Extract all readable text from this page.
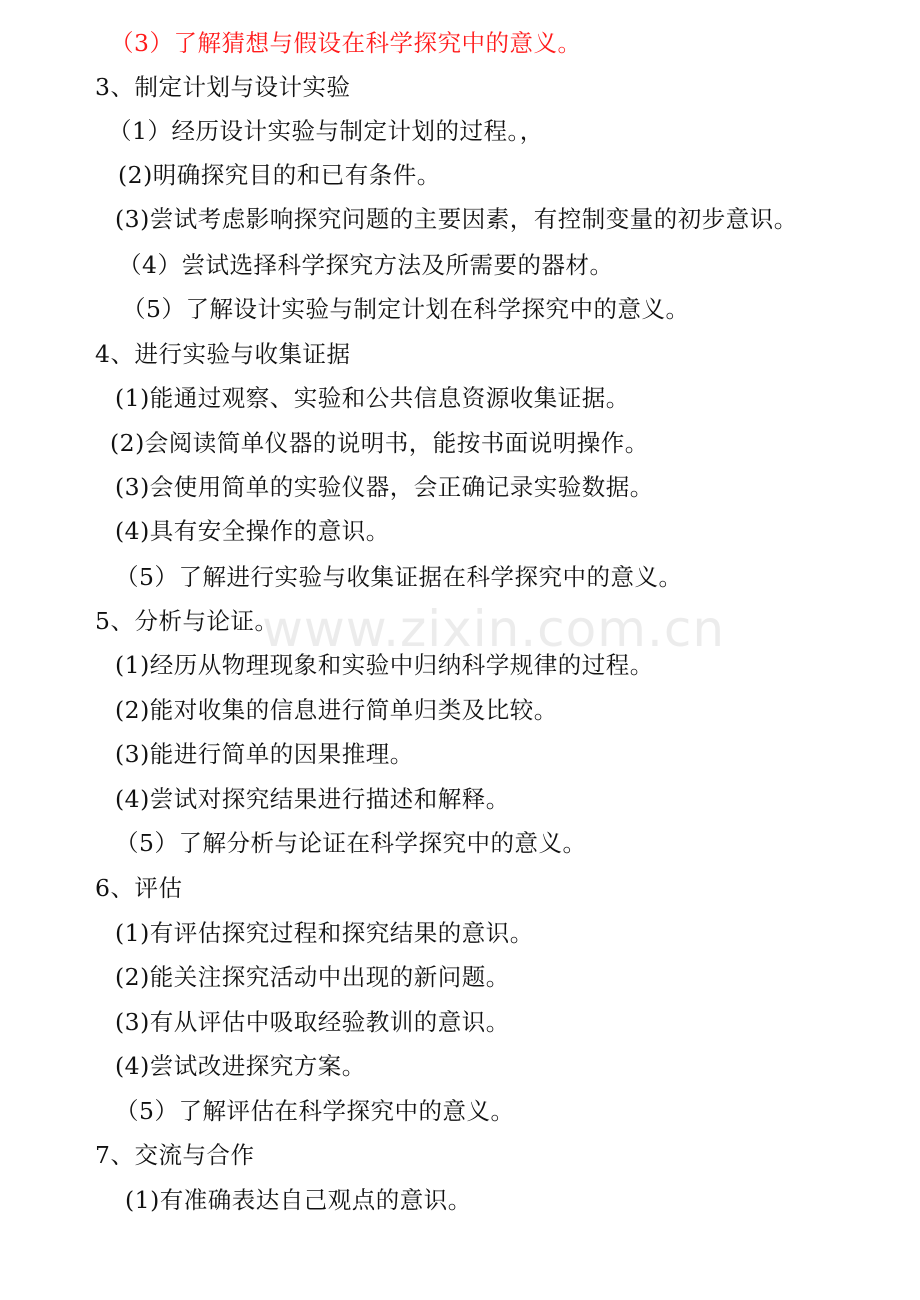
（3）了解猜想与假设在科学探究中的意义。
3、制定计划与设计实验
（1）经历设计实验与制定计划的过程。，
(2)明确探究目的和已有条件。
(3)尝试考虑影响探究问题的主要因素，有控制变量的初步意识。
（4）尝试选择科学探究方法及所需要的器材。
（5）了解设计实验与制定计划在科学探究中的意义。
4、进行实验与收集证据
(1)能通过观察、实验和公共信息资源收集证据。
(2)会阅读简单仪器的说明书，能按书面说明操作。
(3)会使用简单的实验仪器，会正确记录实验数据。
(4)具有安全操作的意识。
（5）了解进行实验与收集证据在科学探究中的意义。
5、分析与论证。
(1)经历从物理现象和实验中归纳科学规律的过程。
(2)能对收集的信息进行简单归类及比较。
(3)能进行简单的因果推理。
(4)尝试对探究结果进行描述和解释。
（5）了解分析与论证在科学探究中的意义。
6、评估
(1)有评估探究过程和探究结果的意识。
(2)能关注探究活动中出现的新问题。
(3)有从评估中吸取经验教训的意识。
(4)尝试改进探究方案。
（5）了解评估在科学探究中的意义。
7、交流与合作
(1)有准确表达自己观点的意识。
www.zixin.com.cn
